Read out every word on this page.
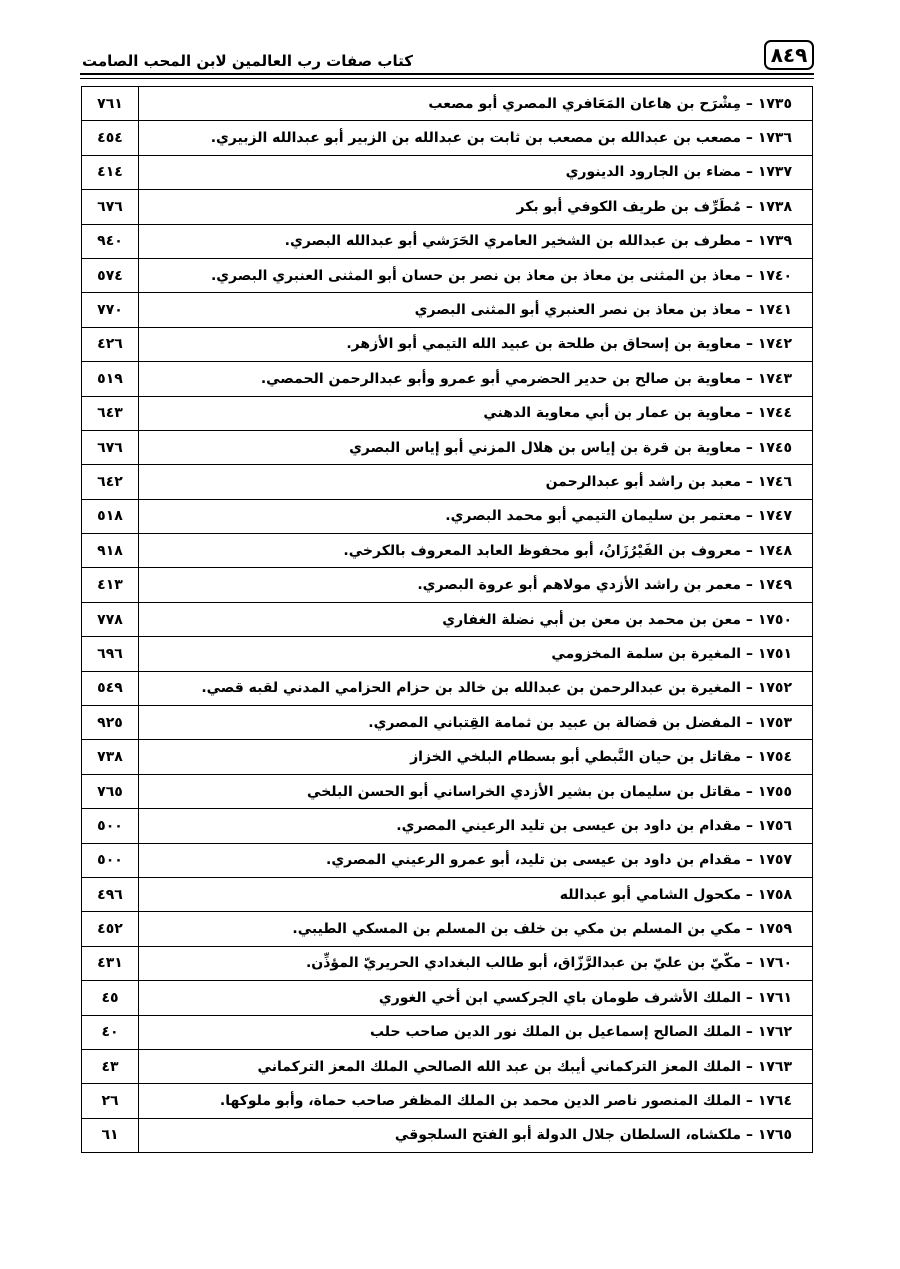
٨٤٩
كتاب صفات رب العالمين لابن المحب الصامت
١٧٣٥ – مِشْرَح بن هاعان المَعَافري المصري أبو مصعب	٧٦١
١٧٣٦ – مصعب بن عبدالله بن مصعب بن ثابت بن عبدالله بن الزبير أبو عبدالله الزبيري.	٤٥٤
١٧٣٧ – مضاء بن الجارود الدينوري	٤١٤
١٧٣٨ – مُطَرِّف بن طريف الكوفي أبو بكر	٦٧٦
١٧٣٩ – مطرف بن عبدالله بن الشخير العامري الحَرَشي أبو عبدالله البصري.	٩٤٠
١٧٤٠ – معاذ بن المثنى بن معاذ بن معاذ بن نصر بن حسان أبو المثنى العنبري البصري.	٥٧٤
١٧٤١ – معاذ بن معاذ بن نصر العنبري أبو المثنى البصري	٧٧٠
١٧٤٢ – معاوية بن إسحاق بن طلحة بن عبيد الله التيمي أبو الأزهر.	٤٢٦
١٧٤٣ – معاوية بن صالح بن حدير الحضرمي أبو عمرو وأبو عبدالرحمن الحمصي.	٥١٩
١٧٤٤ – معاوية بن عمار بن أبي معاوية الدهني	٦٤٣
١٧٤٥ – معاوية بن قرة بن إياس بن هلال المزني أبو إياس البصري	٦٧٦
١٧٤٦ – معبد بن راشد أبو عبدالرحمن	٦٤٢
١٧٤٧ – معتمر بن سليمان التيمي أبو محمد البصري.	٥١٨
١٧٤٨ – معروف بن الفَيْرُزَانُ، أبو محفوظ العابد المعروف بالكرخي.	٩١٨
١٧٤٩ – معمر بن راشد الأزدي مولاهم أبو عروة البصري.	٤١٣
١٧٥٠ – معن بن محمد بن معن بن أبي نضلة الغفاري	٧٧٨
١٧٥١ – المغيرة بن سلمة المخزومي	٦٩٦
١٧٥٢ – المغيرة بن عبدالرحمن بن عبدالله بن خالد بن حزام الحزامي المدني لقبه قصي.	٥٤٩
١٧٥٣ – المفضل بن فضالة بن عبيد بن ثمامة القِتباني المصري.	٩٢٥
١٧٥٤ – مقاتل بن حيان النَّبطي أبو بسطام البلخي الخزاز	٧٣٨
١٧٥٥ – مقاتل بن سليمان بن بشير الأزدي الخراساني أبو الحسن البلخي	٧٦٥
١٧٥٦ – مقدام بن داود بن عيسى بن تليد الرعيني المصري.	٥٠٠
١٧٥٧ – مقدام بن داود بن عيسى بن تليد، أبو عمرو الرعيني المصري.	٥٠٠
١٧٥٨ – مكحول الشامي أبو عبدالله	٤٩٦
١٧٥٩ – مكي بن المسلم بن مكي بن خلف بن المسلم بن المسكي الطيبي.	٤٥٢
١٧٦٠ – مكّيّ بن عليّ بن عبدالرَّزّاق، أبو طالب البغدادي الحريريّ المؤذِّن.	٤٣١
١٧٦١ – الملك الأشرف طومان باي الجركسي ابن أخي الغوري	٤٥
١٧٦٢ – الملك الصالح إسماعيل بن الملك نور الدين صاحب حلب	٤٠
١٧٦٣ – الملك المعز التركماني أيبك بن عبد الله الصالحي الملك المعز التركماني	٤٣
١٧٦٤ – الملك المنصور ناصر الدين محمد بن الملك المظفر صاحب حماة، وأبو ملوكها.	٢٦
١٧٦٥ – ملكشاه، السلطان جلال الدولة أبو الفتح السلجوقي	٦١
